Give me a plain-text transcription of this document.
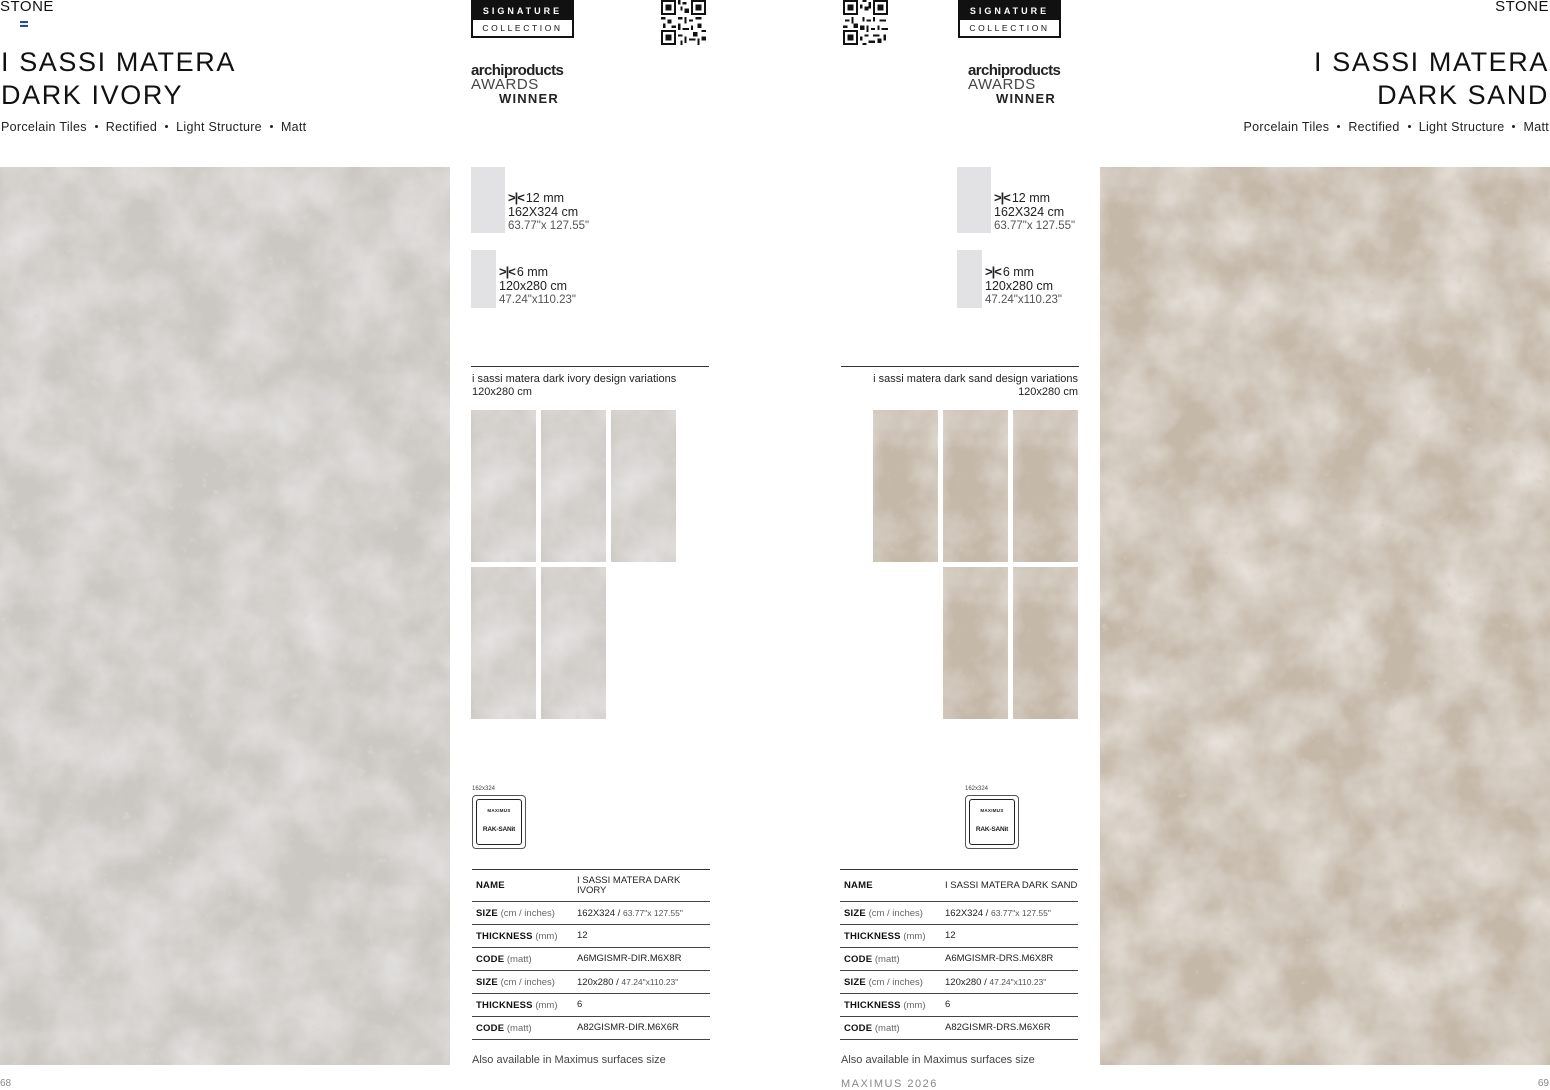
STONE
I SASSI MATERA
DARK IVORY
Porcelain Tiles Rectified Light Structure Matt
SIGNATURE
COLLECTION
archiproducts
AWARDS
WINNER
>|< 12 mm
162X324 cm
63.77"x 127.55"
>|< 6 mm
120x280 cm
47.24"x110.23"
i sassi matera dark ivory design variations
120x280 cm
162x324
MAXIMUS
RAK-SANit
NAME	I SASSI MATERA DARK IVORY
SIZE (cm / inches)	162X324 / 63.77"x 127.55"
THICKNESS (mm)	12
CODE (matt)	A6MGISMR-DIR.M6X8R
SIZE (cm / inches)	120x280 / 47.24"x110.23"
THICKNESS (mm)	6
CODE (matt)	A82GISMR-DIR.M6X6R
Also available in Maximus surfaces size
68
STONE
I SASSI MATERA
DARK SAND
Porcelain Tiles Rectified Light Structure Matt
SIGNATURE
COLLECTION
archiproducts
AWARDS
WINNER
>|< 12 mm
162X324 cm
63.77"x 127.55"
>|< 6 mm
120x280 cm
47.24"x110.23"
i sassi matera dark sand design variations
120x280 cm
162x324
MAXIMUS
RAK-SANit
NAME	I SASSI MATERA DARK SAND
SIZE (cm / inches)	162X324 / 63.77"x 127.55"
THICKNESS (mm)	12
CODE (matt)	A6MGISMR-DRS.M6X8R
SIZE (cm / inches)	120x280 / 47.24"x110.23"
THICKNESS (mm)	6
CODE (matt)	A82GISMR-DRS.M6X6R
Also available in Maximus surfaces size
MAXIMUS 2026	69
